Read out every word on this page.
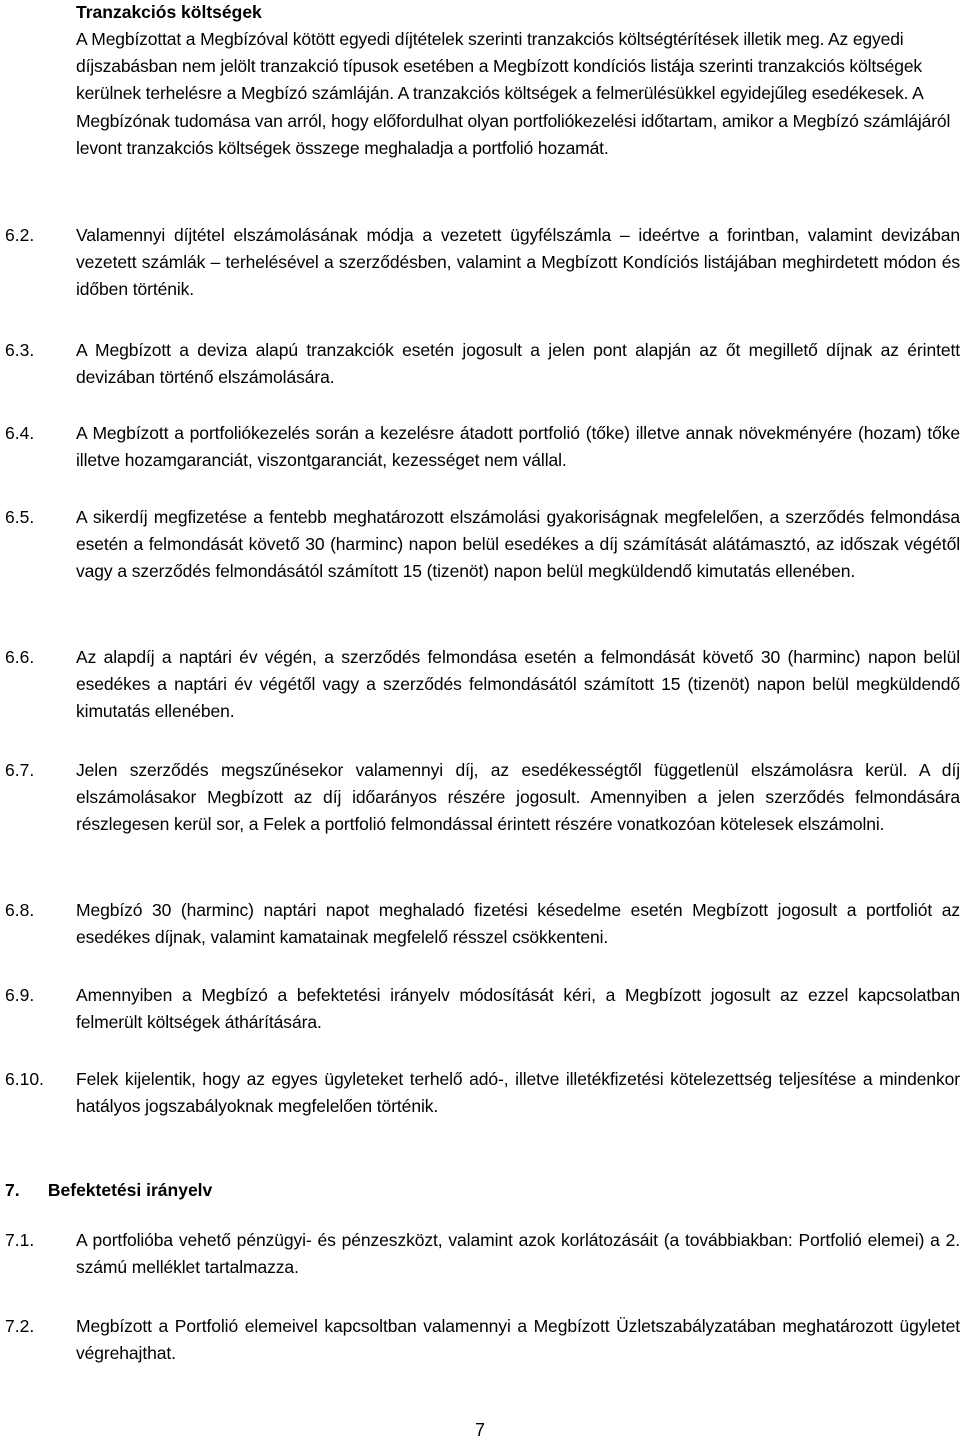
Tranzakciós költségek
A Megbízottat a Megbízóval kötött egyedi díjtételek szerinti tranzakciós költségtérítések illetik meg. Az egyedi díjszabásban nem jelölt tranzakció típusok esetében a Megbízott kondíciós listája szerinti tranzakciós költségek kerülnek terhelésre a Megbízó számláján. A tranzakciós költségek a felmerülésükkel egyidejűleg esedékesek. A Megbízónak tudomása van arról, hogy előfordulhat olyan portfoliókezelési időtartam, amikor a Megbízó számlájáról levont tranzakciós költségek összege meghaladja a portfolió hozamát.
6.2.	Valamennyi díjtétel elszámolásának módja a vezetett ügyfélszámla – ideértve a forintban, valamint devizában vezetett számlák – terhelésével a szerződésben, valamint a Megbízott Kondíciós listájában meghirdetett módon és időben történik.
6.3.	A Megbízott a deviza alapú tranzakciók esetén jogosult a jelen pont alapján az őt megillető díjnak az érintett devizában történő elszámolására.
6.4.	A Megbízott a portfoliókezelés során a kezelésre átadott portfolió (tőke) illetve annak növekményére (hozam) tőke illetve hozamgaranciát, viszontgaranciát, kezességet nem vállal.
6.5.	A sikerdíj megfizetése a fentebb meghatározott elszámolási gyakoriságnak megfelelően, a szerződés felmondása esetén a felmondását követő 30 (harminc) napon belül esedékes a díj számítását alátámasztó, az időszak végétől vagy a szerződés felmondásától számított 15 (tizenöt) napon belül megküldendő kimutatás ellenében.
6.6.	Az alapdíj a naptári év végén, a szerződés felmondása esetén a felmondását követő 30 (harminc) napon belül esedékes a naptári év végétől vagy a szerződés felmondásától számított 15 (tizenöt) napon belül megküldendő kimutatás ellenében.
6.7.	Jelen szerződés megszűnésekor valamennyi díj, az esedékességtől függetlenül elszámolásra kerül. A díj elszámolásakor Megbízott az díj időarányos részére jogosult. Amennyiben a jelen szerződés felmondására részlegesen kerül sor, a Felek a portfolió felmondással érintett részére vonatkozóan kötelesek elszámolni.
6.8.	Megbízó 30 (harminc) naptári napot meghaladó fizetési késedelme esetén Megbízott jogosult a portfoliót az esedékes díjnak, valamint kamatainak megfelelő résszel csökkenteni.
6.9.	Amennyiben a Megbízó a befektetési irányelv módosítását kéri, a Megbízott jogosult az ezzel kapcsolatban felmerült költségek áthárítására.
6.10.	Felek kijelentik, hogy az egyes ügyleteket terhelő adó-, illetve illetékfizetési kötelezettség teljesítése a mindenkor hatályos jogszabályoknak megfelelően történik.
7. Befektetési irányelv
7.1.	A portfolióba vehető pénzügyi- és pénzeszközt, valamint azok korlátozásáit (a továbbiakban: Portfolió elemei) a 2. számú melléklet tartalmazza.
7.2.	Megbízott a Portfolió elemeivel kapcsoltban valamennyi a Megbízott Üzletszabályzatában meghatározott ügyletet végrehajthat.
7
